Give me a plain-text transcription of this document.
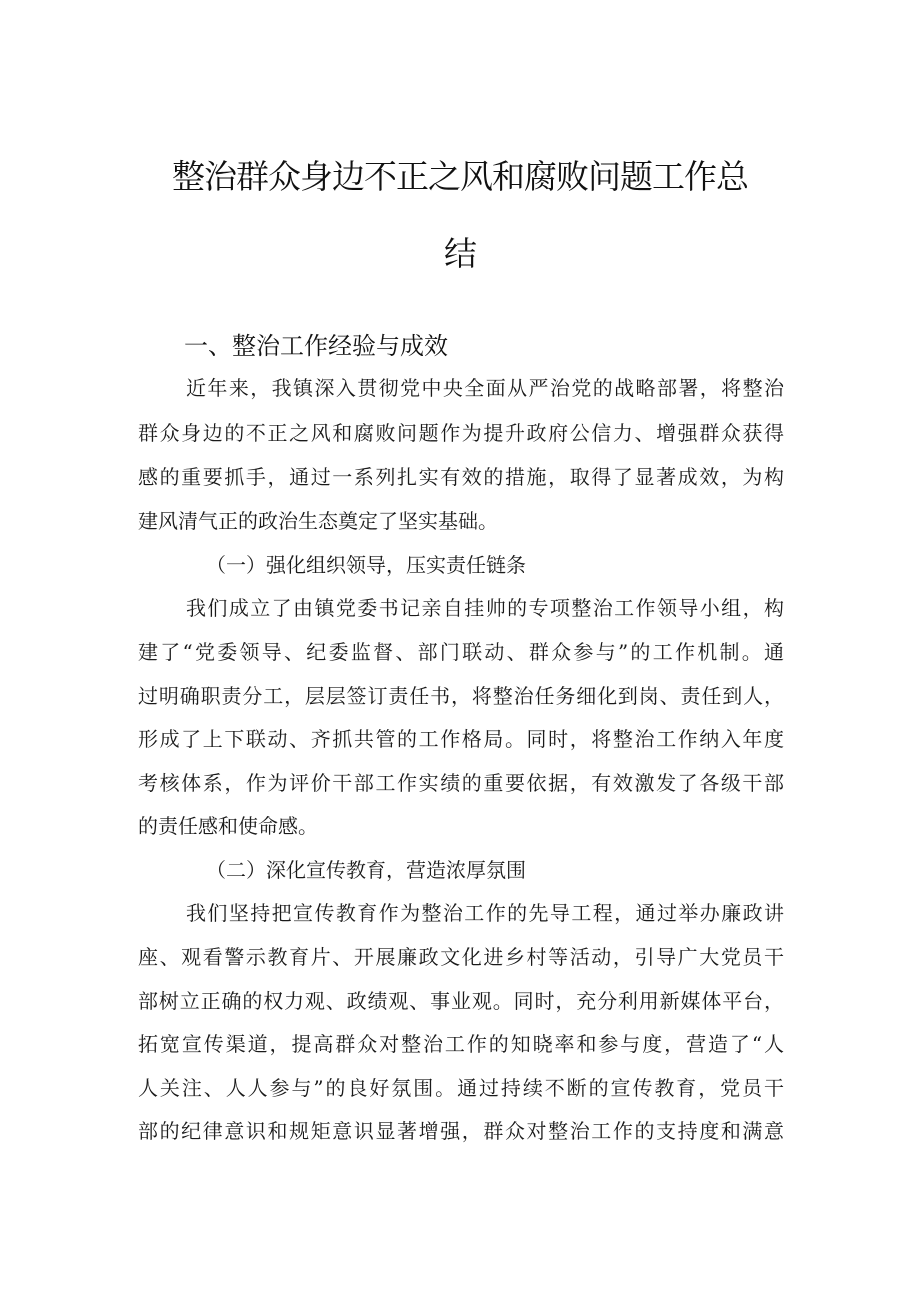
整治群众身边不正之风和腐败问题工作总
结
一、整治工作经验与成效
近年来，我镇深入贯彻党中央全面从严治党的战略部署，将整治
群众身边的不正之风和腐败问题作为提升政府公信力、增强群众获得
感的重要抓手，通过一系列扎实有效的措施，取得了显著成效，为构
建风清气正的政治生态奠定了坚实基础。
（一）强化组织领导，压实责任链条
我们成立了由镇党委书记亲自挂帅的专项整治工作领导小组，构
建了“党委领导、纪委监督、部门联动、群众参与”的工作机制。通
过明确职责分工，层层签订责任书，将整治任务细化到岗、责任到人，
形成了上下联动、齐抓共管的工作格局。同时，将整治工作纳入年度
考核体系，作为评价干部工作实绩的重要依据，有效激发了各级干部
的责任感和使命感。
（二）深化宣传教育，营造浓厚氛围
我们坚持把宣传教育作为整治工作的先导工程，通过举办廉政讲
座、观看警示教育片、开展廉政文化进乡村等活动，引导广大党员干
部树立正确的权力观、政绩观、事业观。同时，充分利用新媒体平台，
拓宽宣传渠道，提高群众对整治工作的知晓率和参与度，营造了“人
人关注、人人参与”的良好氛围。通过持续不断的宣传教育，党员干
部的纪律意识和规矩意识显著增强，群众对整治工作的支持度和满意
